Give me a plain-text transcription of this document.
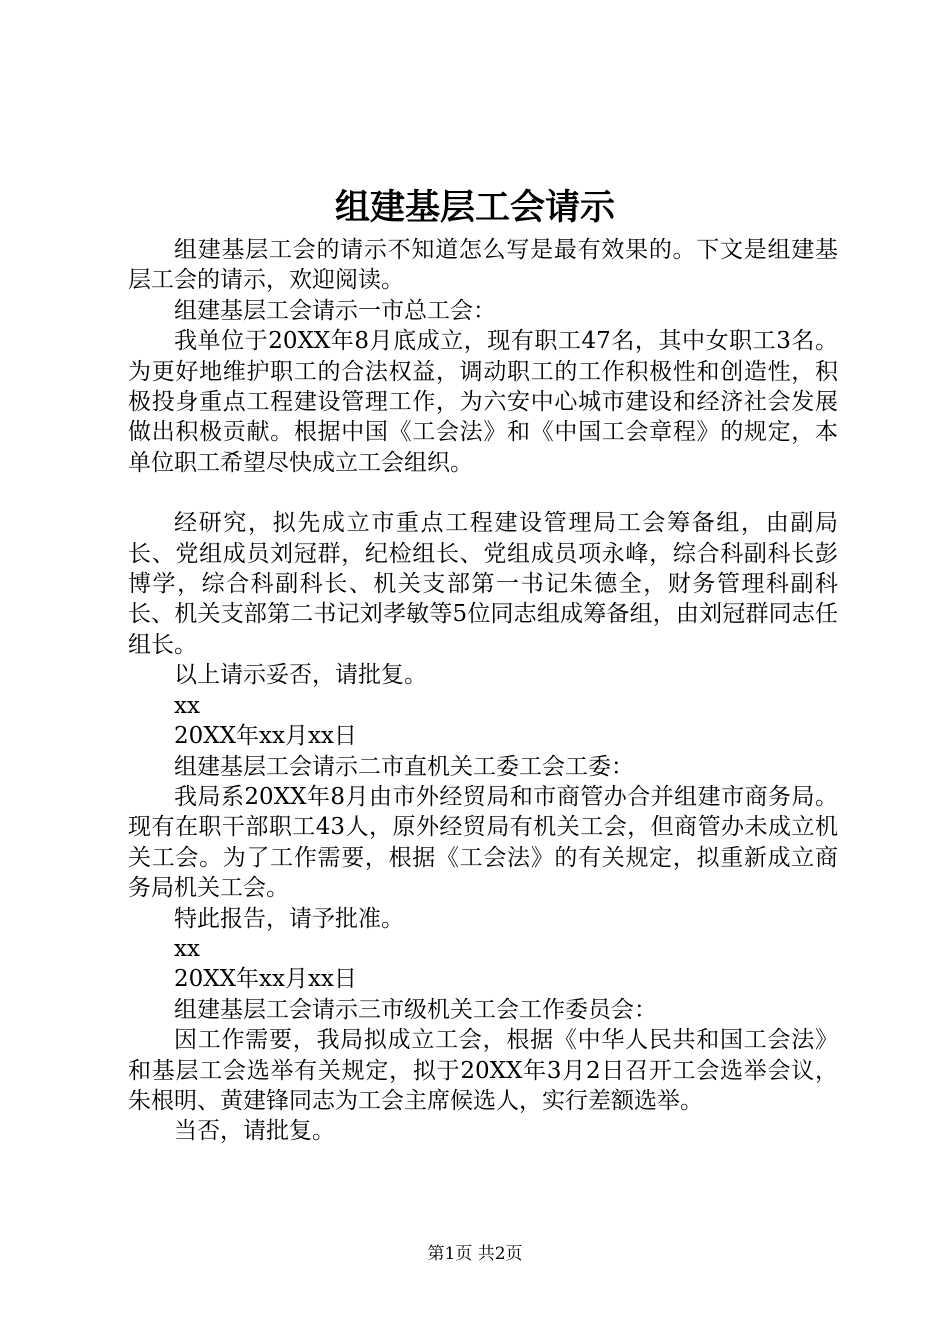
组建基层工会请示

组建基层工会的请示不知道怎么写是最有效果的。下文是组建基层工会的请示，欢迎阅读。

组建基层工会请示一市总工会：

我单位于20XX年8月底成立，现有职工47名，其中女职工3名。为更好地维护职工的合法权益，调动职工的工作积极性和创造性，积极投身重点工程建设管理工作，为六安中心城市建设和经济社会发展做出积极贡献。根据中国《工会法》和《中国工会章程》的规定，本单位职工希望尽快成立工会组织。

经研究，拟先成立市重点工程建设管理局工会筹备组，由副局长、党组成员刘冠群，纪检组长、党组成员项永峰，综合科副科长彭博学，综合科副科长、机关支部第一书记朱德全，财务管理科副科长、机关支部第二书记刘孝敏等5位同志组成筹备组，由刘冠群同志任组长。

以上请示妥否，请批复。

xx

20XX年xx月xx日

组建基层工会请示二市直机关工委工会工委：

我局系20XX年8月由市外经贸局和市商管办合并组建市商务局。现有在职干部职工43人，原外经贸局有机关工会，但商管办未成立机关工会。为了工作需要，根据《工会法》的有关规定，拟重新成立商务局机关工会。

特此报告，请予批准。

xx

20XX年xx月xx日

组建基层工会请示三市级机关工会工作委员会：

因工作需要，我局拟成立工会，根据《中华人民共和国工会法》和基层工会选举有关规定，拟于20XX年3月2日召开工会选举会议，朱根明、黄建锋同志为工会主席候选人，实行差额选举。

当否，请批复。

第1页 共2页
